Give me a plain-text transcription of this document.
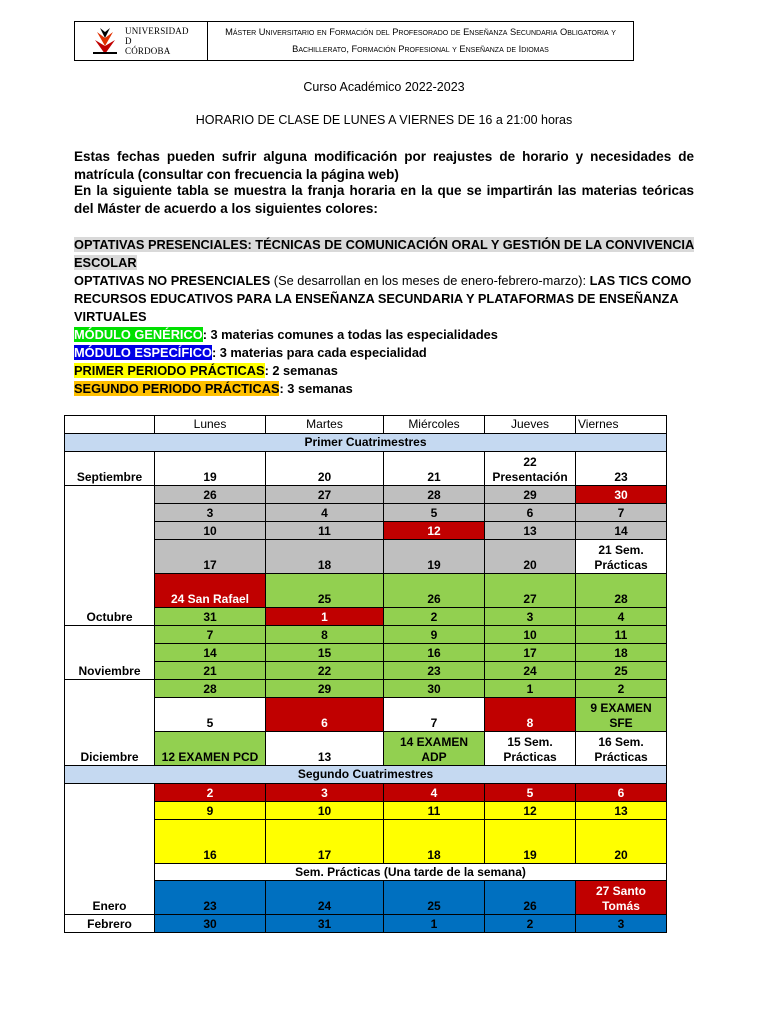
UNIVERSIDAD
D
CÓRDOBA
Máster Universitario en Formación del Profesorado de Enseñanza Secundaria Obligatoria y
Bachillerato, Formación Profesional y Enseñanza de Idiomas
Curso Académico 2022-2023
HORARIO DE CLASE DE LUNES A VIERNES DE 16 a 21:00 horas
Estas fechas pueden sufrir alguna modificación por reajustes de horario y necesidades de matrícula (consultar con frecuencia la página web)
En la siguiente tabla se muestra la franja horaria en la que se impartirán las materias teóricas del Máster de acuerdo a los siguientes colores:
OPTATIVAS PRESENCIALES: TÉCNICAS DE COMUNICACIÓN ORAL Y GESTIÓN DE LA CONVIVENCIA ESCOLAR
OPTATIVAS NO PRESENCIALES (Se desarrollan en los meses de enero-febrero-marzo): LAS TICS COMO RECURSOS EDUCATIVOS PARA LA ENSEÑANZA SECUNDARIA Y PLATAFORMAS DE ENSEÑANZA VIRTUALES
MÓDULO GENÉRICO: 3 materias comunes a todas las especialidades
MÓDULO ESPECÍFICO: 3 materias para cada especialidad
PRIMER PERIODO PRÁCTICAS: 2 semanas
SEGUNDO PERIODO PRÁCTICAS: 3 semanas
	Lunes	Martes	Miércoles	Jueves	Viernes
Primer Cuatrimestres					
Septiembre	19	20	21	22 Presentación	23
Octubre	26	27	28	29	30
	3	4	5	6	7
	10	11	12	13	14
	17	18	19	20	21 Sem. Prácticas
	24 San Rafael	25	26	27	28
	31	1	2	3	4
Noviembre	7	8	9	10	11
	14	15	16	17	18
	21	22	23	24	25
Diciembre	28	29	30	1	2
	5	6	7	8	9 EXAMEN SFE
	12 EXAMEN PCD	13	14 EXAMEN ADP	15 Sem. Prácticas	16 Sem. Prácticas
Segundo Cuatrimestres					
Enero	2	3	4	5	6
	9	10	11	12	13
	16	17	18	19	20
	Sem. Prácticas (Una tarde de la semana)				
	23	24	25	26	27 Santo Tomás
Febrero	30	31	1	2	3
